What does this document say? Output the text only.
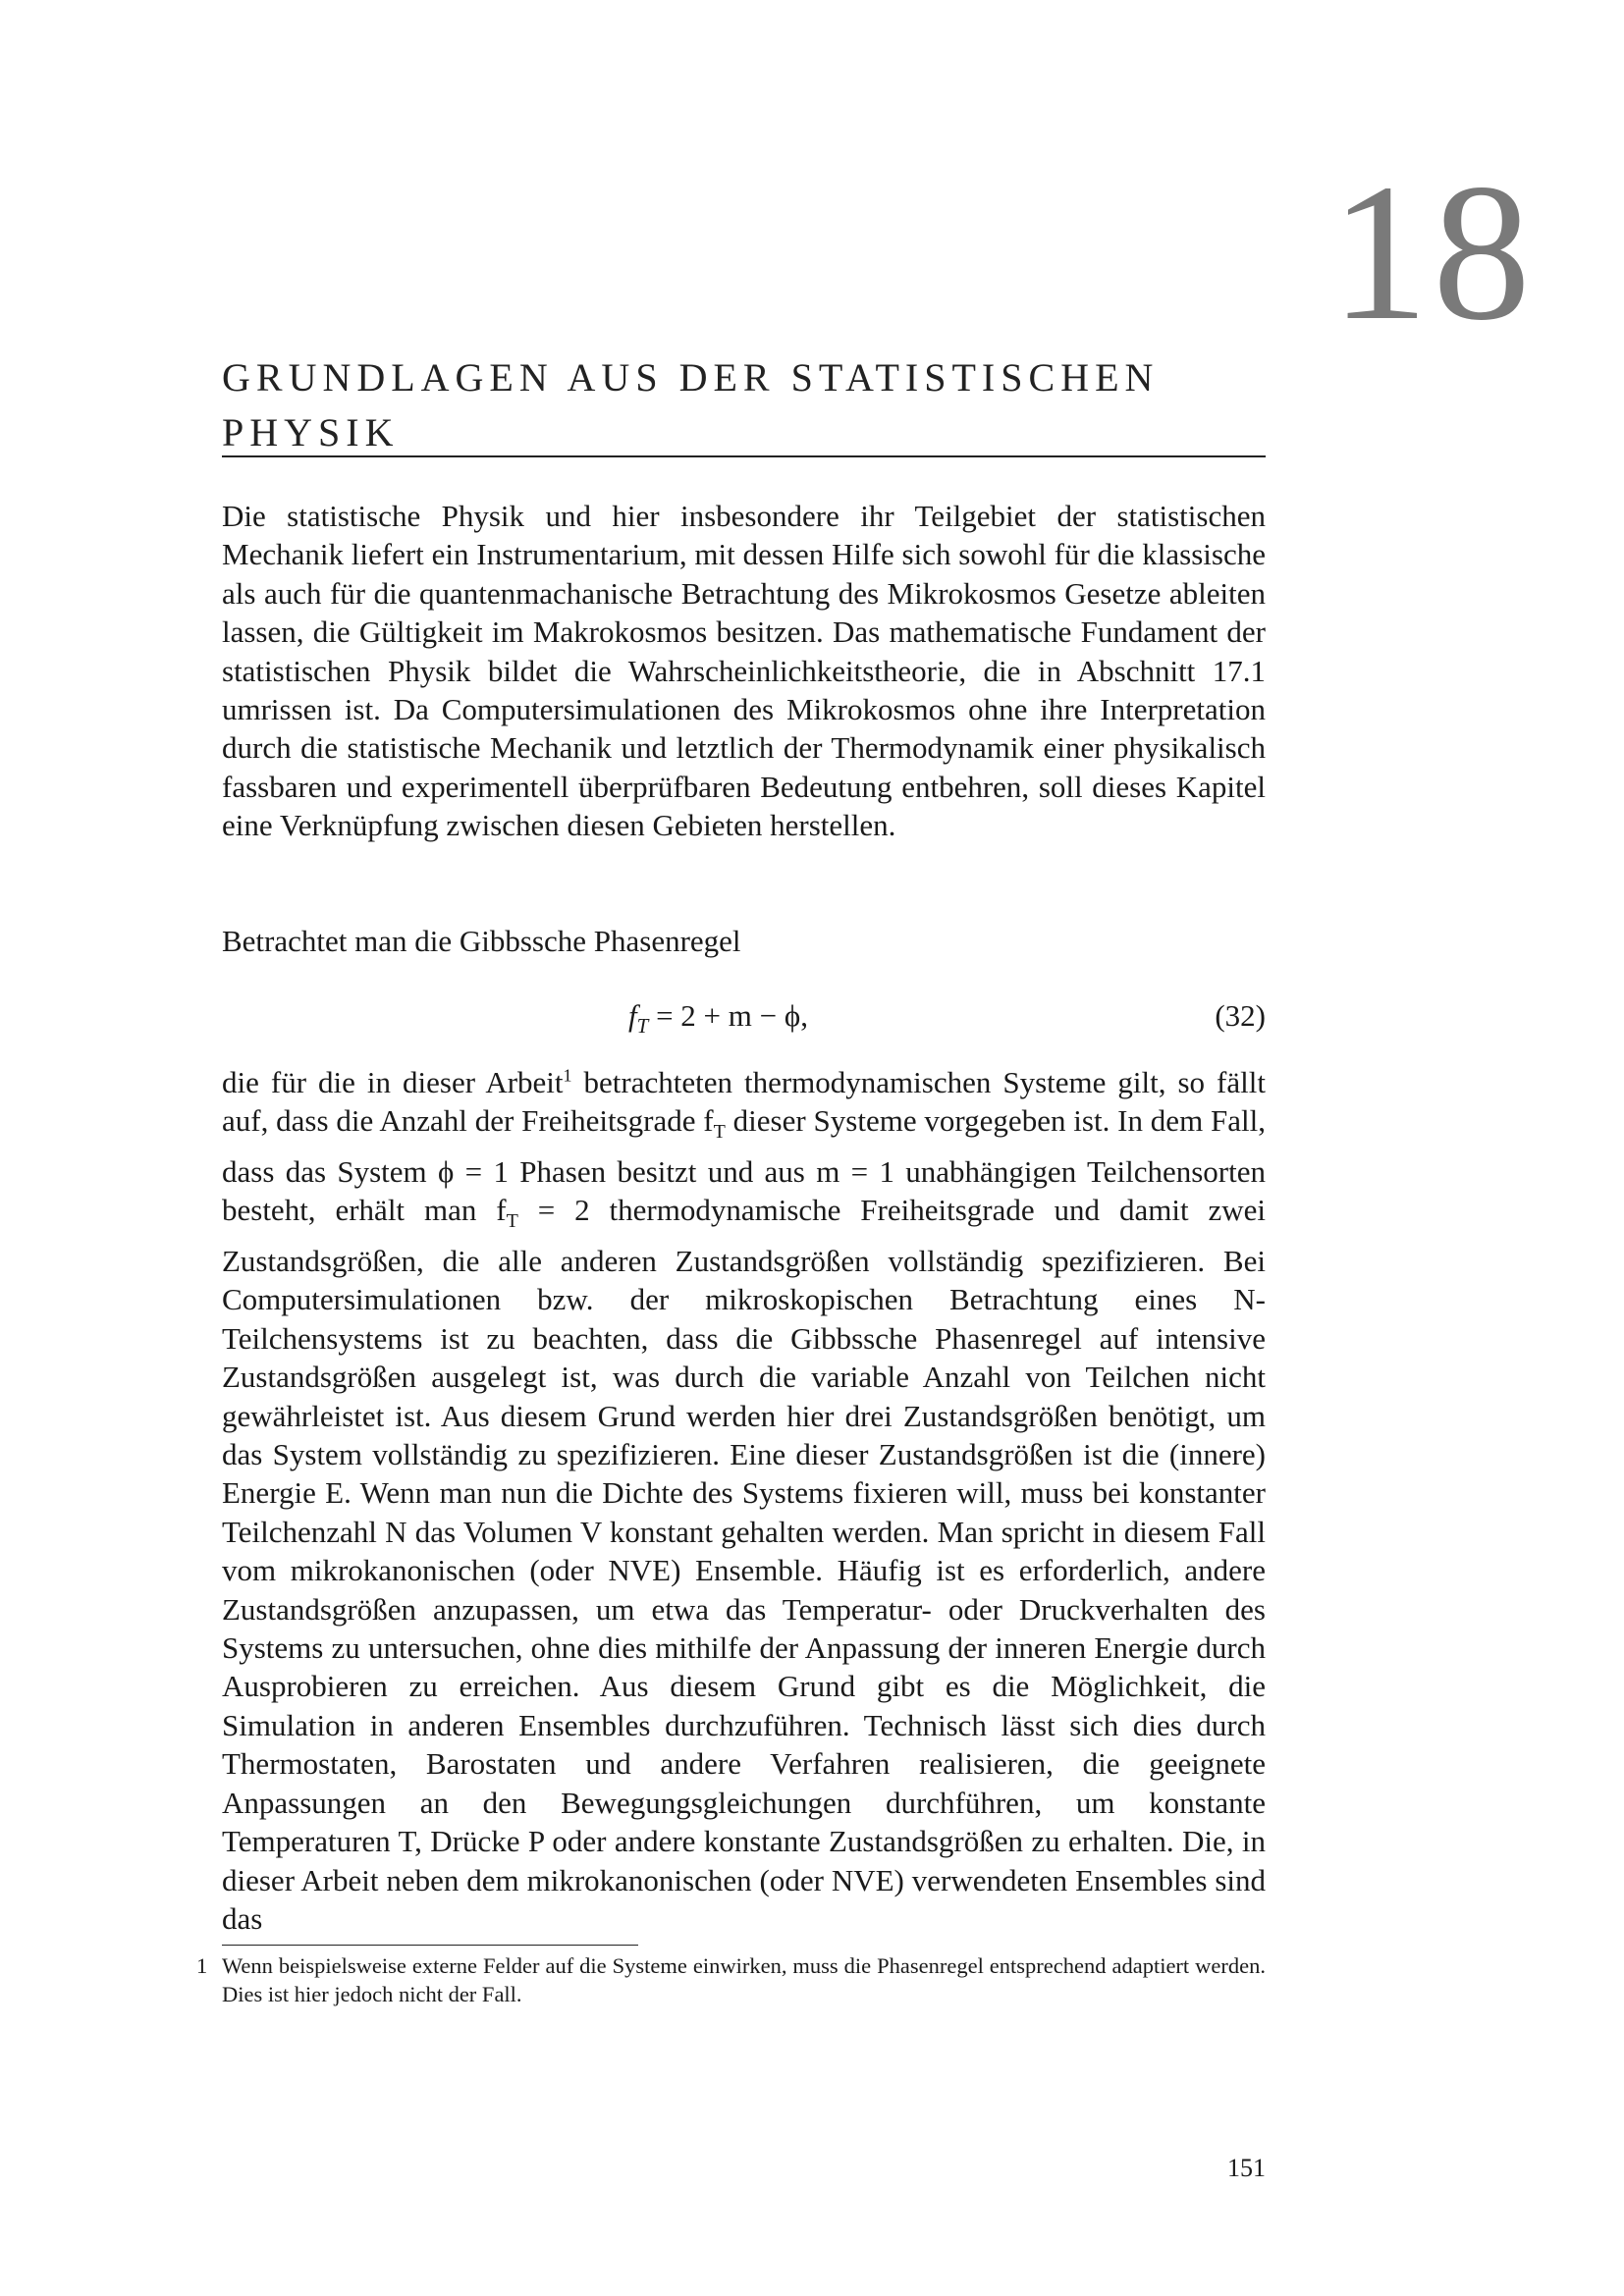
18
GRUNDLAGEN AUS DER STATISTISCHEN PHYSIK

Die statistische Physik und hier insbesondere ihr Teilgebiet der statistischen Mechanik liefert ein Instrumentarium, mit dessen Hilfe sich sowohl für die klassische als auch für die quantenmachanische Betrachtung des Mikrokosmos Gesetze ableiten lassen, die Gültigkeit im Makrokosmos besitzen. Das mathematische Fundament der statistischen Physik bildet die Wahrscheinlichkeitstheorie, die in Abschnitt 17.1 umrissen ist. Da Computersimulationen des Mikrokosmos ohne ihre Interpretation durch die statistische Mechanik und letztlich der Thermodynamik einer physikalisch fassbaren und experimentell überprüfbaren Bedeutung entbehren, soll dieses Kapitel eine Verknüpfung zwischen diesen Gebieten herstellen.

Betrachtet man die Gibbssche Phasenregel

$f_T = 2 + m - \phi$,	(32)

die für die in dieser Arbeit$^1$ betrachteten thermodynamischen Systeme gilt, so fällt auf, dass die Anzahl der Freiheitsgrade $f_T$ dieser Systeme vorgegeben ist. In dem Fall, dass das System ϕ = 1 Phasen besitzt und aus m = 1 unabhängigen Teilchensorten besteht, erhält man $f_T = 2$ thermodynamische Freiheitsgrade und damit zwei Zustandsgrößen, die alle anderen Zustandsgrößen vollständig spezifizieren. Bei Computersimulationen bzw. der mikroskopischen Betrachtung eines N-Teilchensystems ist zu beachten, dass die Gibbssche Phasenregel auf intensive Zustandsgrößen ausgelegt ist, was durch die variable Anzahl von Teilchen nicht gewährleistet ist. Aus diesem Grund werden hier drei Zustandsgrößen benötigt, um das System vollständig zu spezifizieren. Eine dieser Zustandsgrößen ist die (innere) Energie E. Wenn man nun die Dichte des Systems fixieren will, muss bei konstanter Teilchenzahl N das Volumen V konstant gehalten werden. Man spricht in diesem Fall vom mikrokanonischen (oder NVE) Ensemble. Häufig ist es erforderlich, andere Zustandsgrößen anzupassen, um etwa das Temperatur- oder Druckverhalten des Systems zu untersuchen, ohne dies mithilfe der Anpassung der inneren Energie durch Ausprobieren zu erreichen. Aus diesem Grund gibt es die Möglichkeit, die Simulation in anderen Ensembles durchzuführen. Technisch lässt sich dies durch Thermostaten, Barostaten und andere Verfahren realisieren, die geeignete Anpassungen an den Bewegungsgleichungen durchführen, um konstante Temperaturen T, Drücke P oder andere konstante Zustandsgrößen zu erhalten. Die, in dieser Arbeit neben dem mikrokanonischen (oder NVE) verwendeten Ensembles sind das

1 Wenn beispielsweise externe Felder auf die Systeme einwirken, muss die Phasenregel entsprechend adaptiert werden. Dies ist hier jedoch nicht der Fall.
151
